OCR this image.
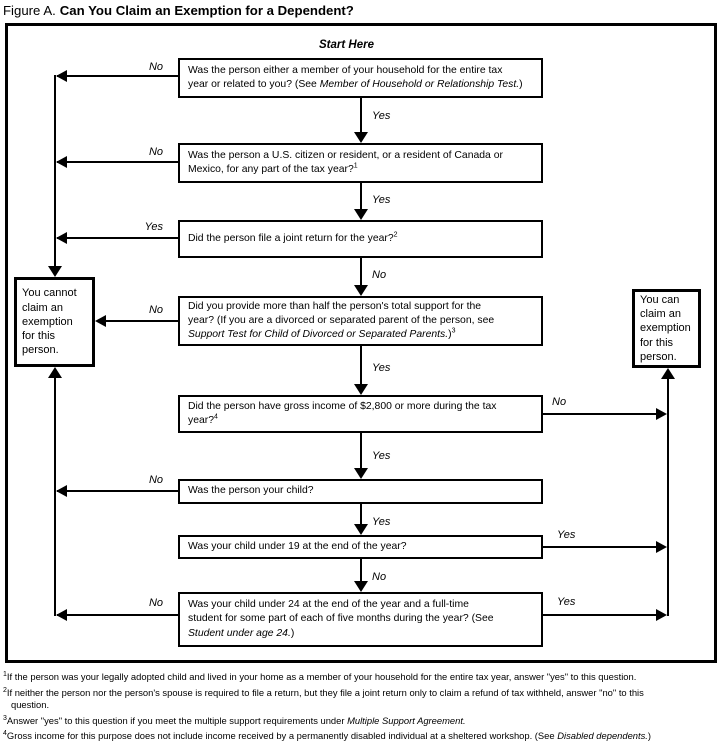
Figure A. Can You Claim an Exemption for a Dependent?
Start Here
Was the person either a member of your household for the entire tax
year or related to you? (See Member of Household or Relationship Test.)
Was the person a U.S. citizen or resident, or a resident of Canada or
Mexico, for any part of the tax year?$^1$
Did the person file a joint return for the year?$^2$
Did you provide more than half the person's total support for the
year? (If you are a divorced or separated parent of the person, see
Support Test for Child of Divorced or Separated Parents.)$^3$
Did the person have gross income of $2,800 or more during the tax
year?$^4$
Was the person your child?
Was your child under 19 at the end of the year?
Was your child under 24 at the end of the year and a full-time
student for some part of each of five months during the year? (See
Student under age 24.)
You cannot
claim an
exemption
for this
person.
You can
claim an
exemption
for this
person.
No
Yes
No
Yes
Yes
No
No
Yes
No
Yes
No
Yes
Yes
No
No	Yes
$^1$If the person was your legally adopted child and lived in your home as a member of your household for the entire tax year, answer "yes" to this question.
$^2$If neither the person nor the person's spouse is required to file a return, but they file a joint return only to claim a refund of tax withheld, answer "no" to this
question.
$^3$Answer "yes" to this question if you meet the multiple support requirements under Multiple Support Agreement.
$^4$Gross income for this purpose does not include income received by a permanently disabled individual at a sheltered workshop. (See Disabled dependents.)
